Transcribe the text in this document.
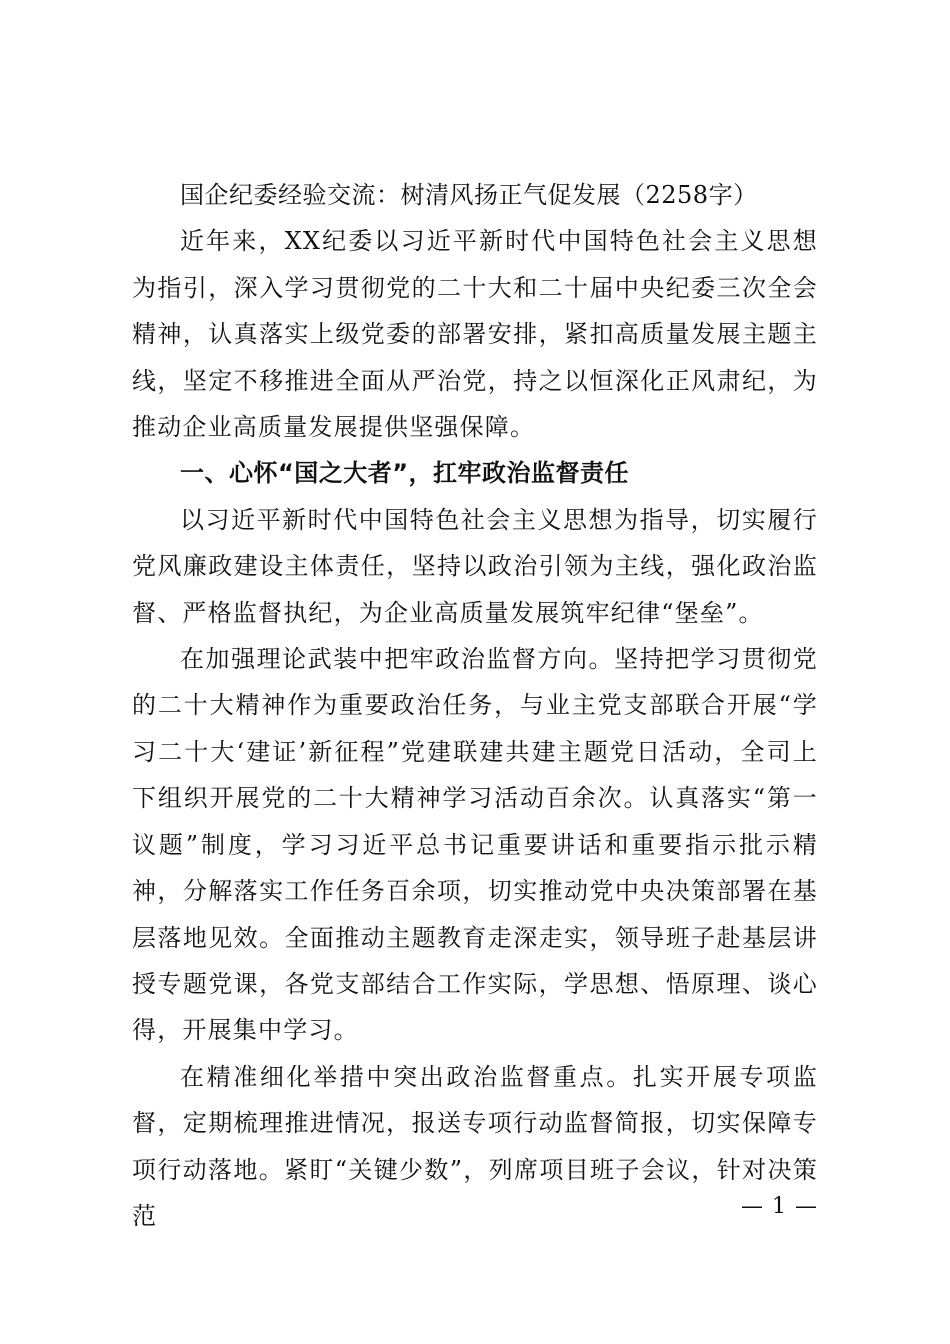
国企纪委经验交流：树清风扬正气促发展（2258字）

近年来，XX纪委以习近平新时代中国特色社会主义思想为指引，深入学习贯彻党的二十大和二十届中央纪委三次全会精神，认真落实上级党委的部署安排，紧扣高质量发展主题主线，坚定不移推进全面从严治党，持之以恒深化正风肃纪，为推动企业高质量发展提供坚强保障。

一、心怀“国之大者”，扛牢政治监督责任

以习近平新时代中国特色社会主义思想为指导，切实履行党风廉政建设主体责任，坚持以政治引领为主线，强化政治监督、严格监督执纪，为企业高质量发展筑牢纪律“堡垒”。

在加强理论武装中把牢政治监督方向。坚持把学习贯彻党的二十大精神作为重要政治任务，与业主党支部联合开展“学习二十大‘建证’新征程”党建联建共建主题党日活动，全司上下组织开展党的二十大精神学习活动百余次。认真落实“第一议题”制度，学习习近平总书记重要讲话和重要指示批示精神，分解落实工作任务百余项，切实推动党中央决策部署在基层落地见效。全面推动主题教育走深走实，领导班子赴基层讲授专题党课，各党支部结合工作实际，学思想、悟原理、谈心得，开展集中学习。

在精准细化举措中突出政治监督重点。扎实开展专项监督，定期梳理推进情况，报送专项行动监督简报，切实保障专项行动落地。紧盯“关键少数”，列席项目班子会议，针对决策范	— 1 —
